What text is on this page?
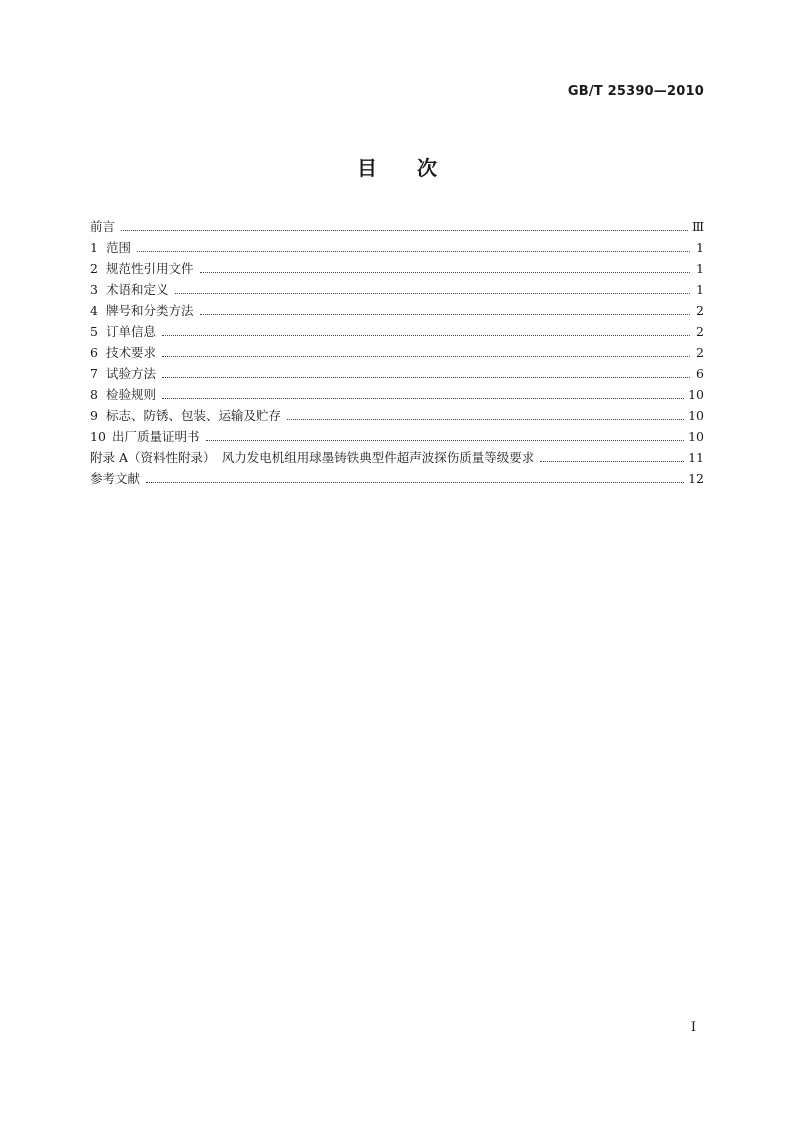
GB/T 25390—2010
目次
前言	Ⅲ
1 范围	1
2 规范性引用文件	1
3 术语和定义	1
4 牌号和分类方法	2
5 订单信息	2
6 技术要求	2
7 试验方法	6
8 检验规则	10
9 标志、防锈、包装、运输及贮存	10
10 出厂质量证明书	10
附录 A（资料性附录）　风力发电机组用球墨铸铁典型件超声波探伤质量等级要求	11
参考文献	12
Ⅰ
